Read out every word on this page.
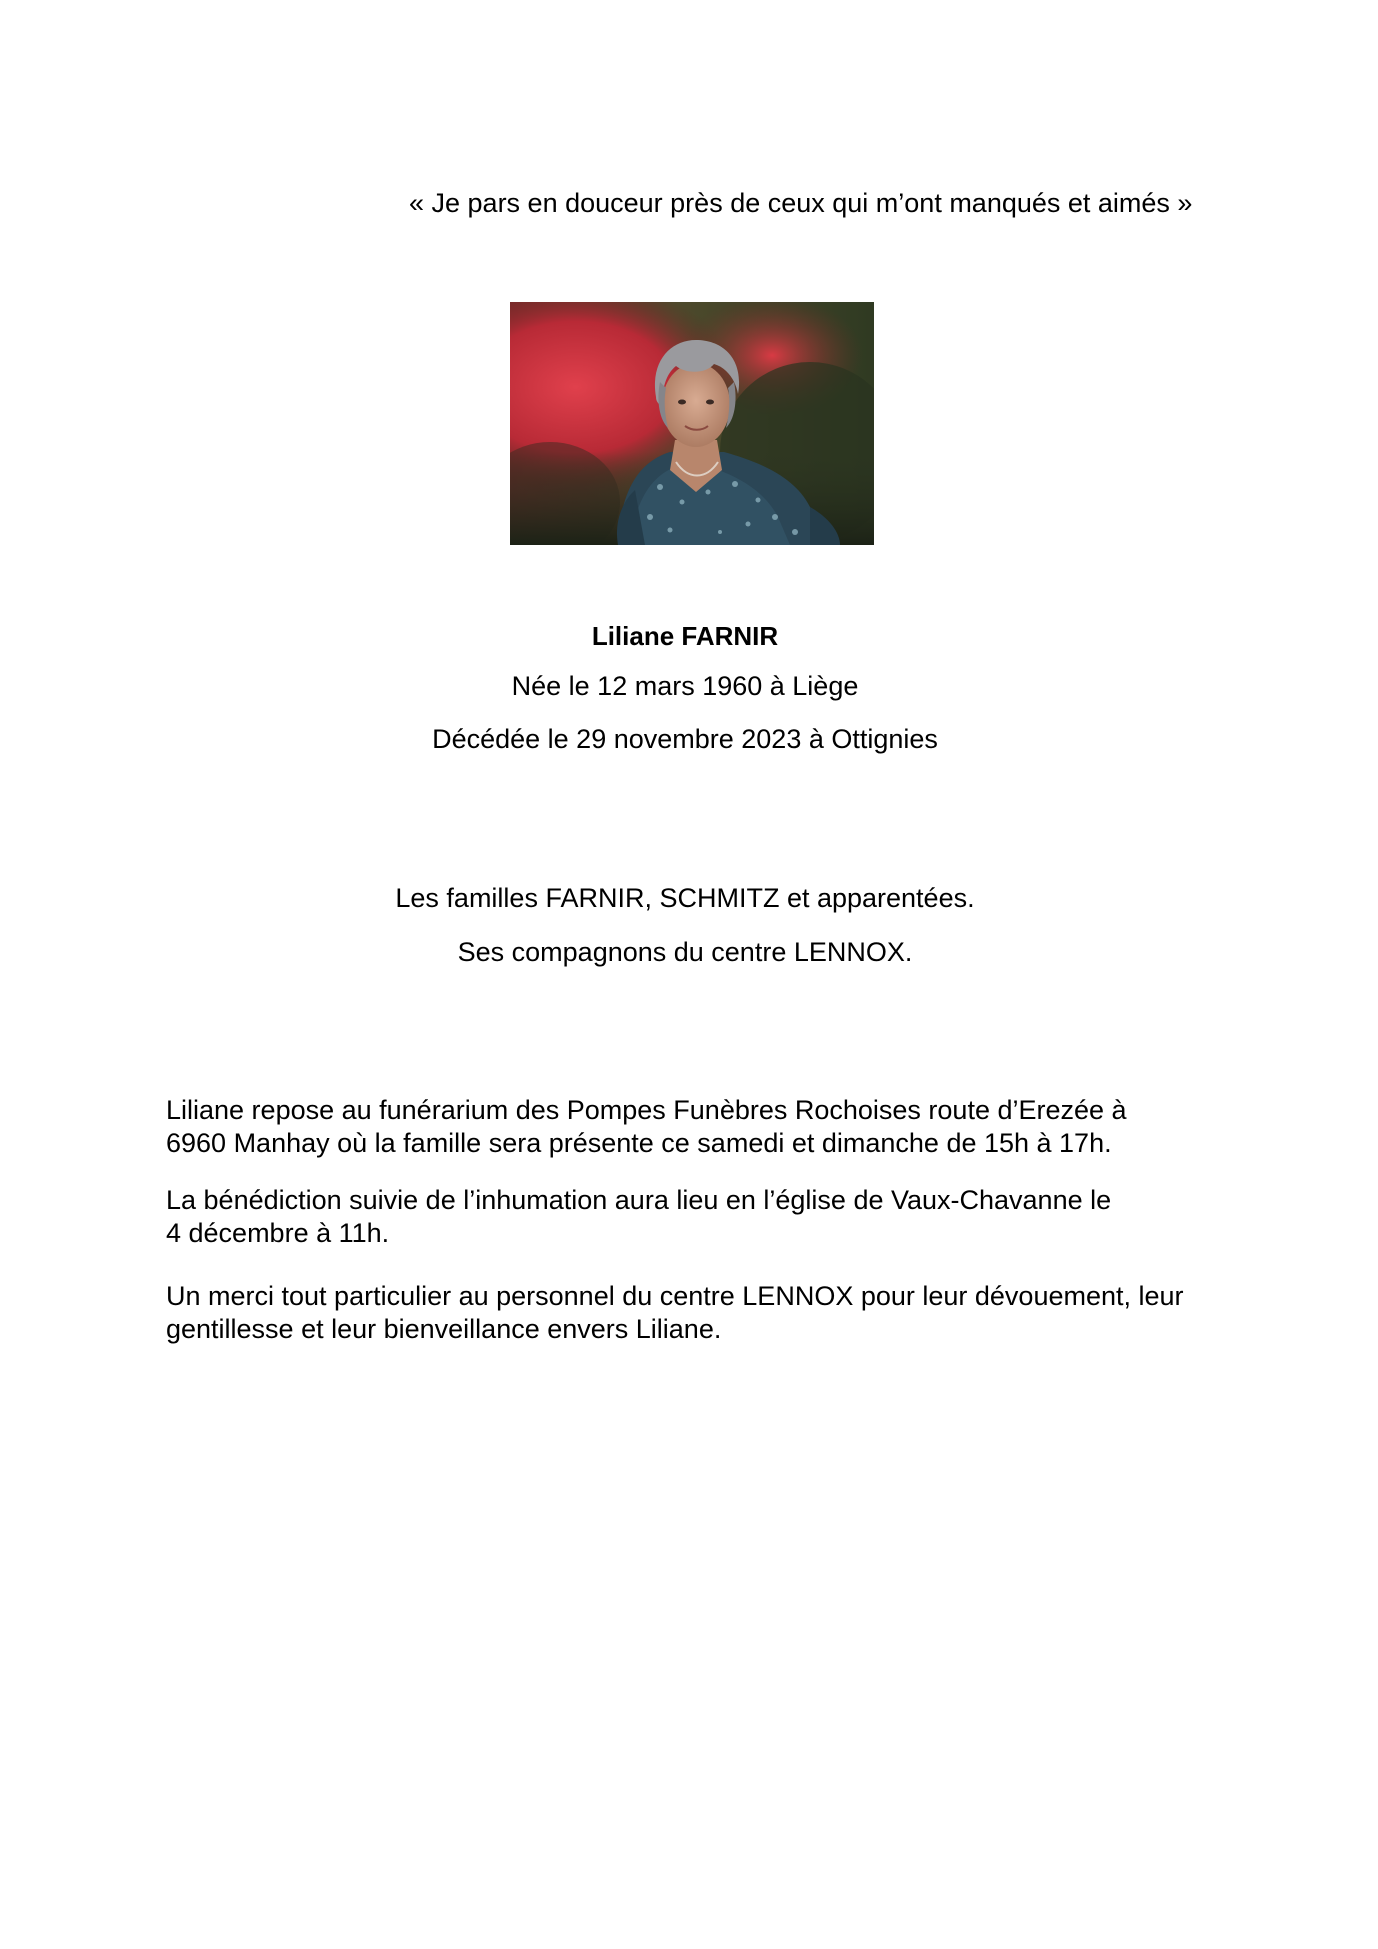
« Je pars en douceur près de ceux qui m’ont manqués et aimés »
Liliane FARNIR
Née le 12 mars 1960 à Liège
Décédée le 29 novembre 2023 à Ottignies
Les familles FARNIR, SCHMITZ et apparentées.
Ses compagnons du centre LENNOX.

Liliane repose au funérarium des Pompes Funèbres Rochoises route d’Erezée à

6960 Manhay où la famille sera présente ce samedi et dimanche de 15h à 17h.

La bénédiction suivie de l’inhumation aura lieu en l’église de Vaux-Chavanne le

4 décembre à 11h.

Un merci tout particulier au personnel du centre LENNOX pour leur dévouement, leur

gentillesse et leur bienveillance envers Liliane.
